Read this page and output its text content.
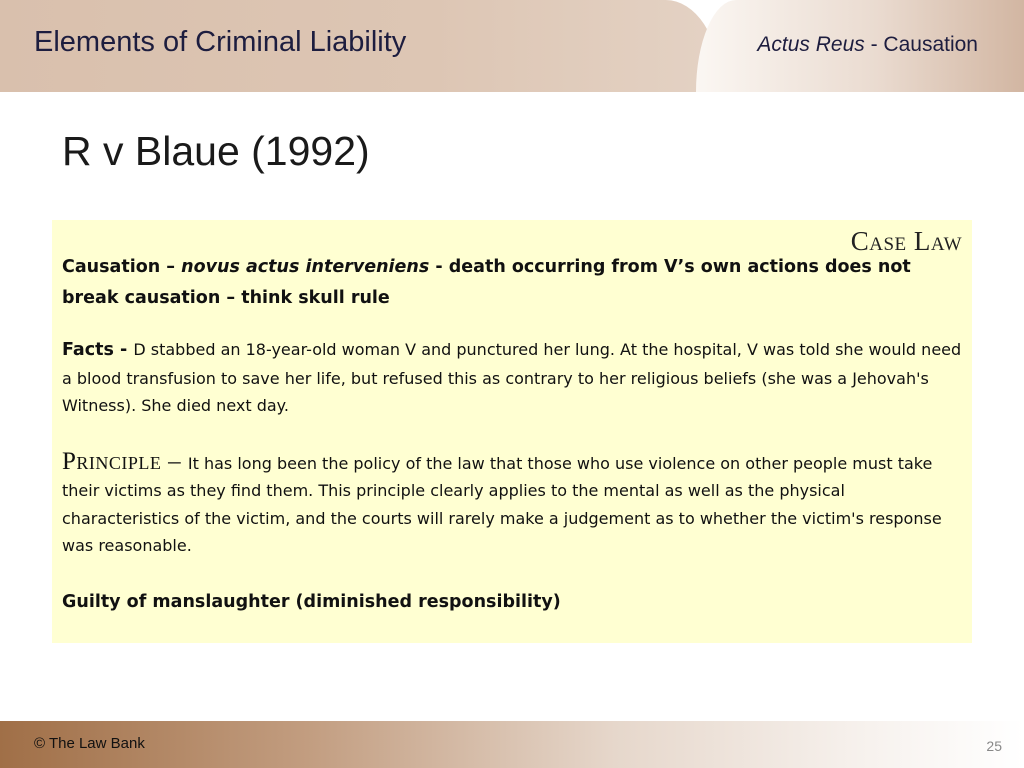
Elements of Criminal Liability	Actus Reus - Causation
R v Blaue (1992)
Case Law
Causation – novus actus interveniens - death occurring from V’s own actions does not break causation – think skull rule
Facts - D stabbed an 18-year-old woman V and punctured her lung. At the hospital, V was told she would need a blood transfusion to save her life, but refused this as contrary to her religious beliefs (she was a Jehovah's Witness). She died next day.
Principle – It has long been the policy of the law that those who use violence on other people must take their victims as they find them. This principle clearly applies to the mental as well as the physical characteristics of the victim, and the courts will rarely make a judgement as to whether the victim's response was reasonable.
Guilty of manslaughter (diminished responsibility)
© The Law Bank	25
